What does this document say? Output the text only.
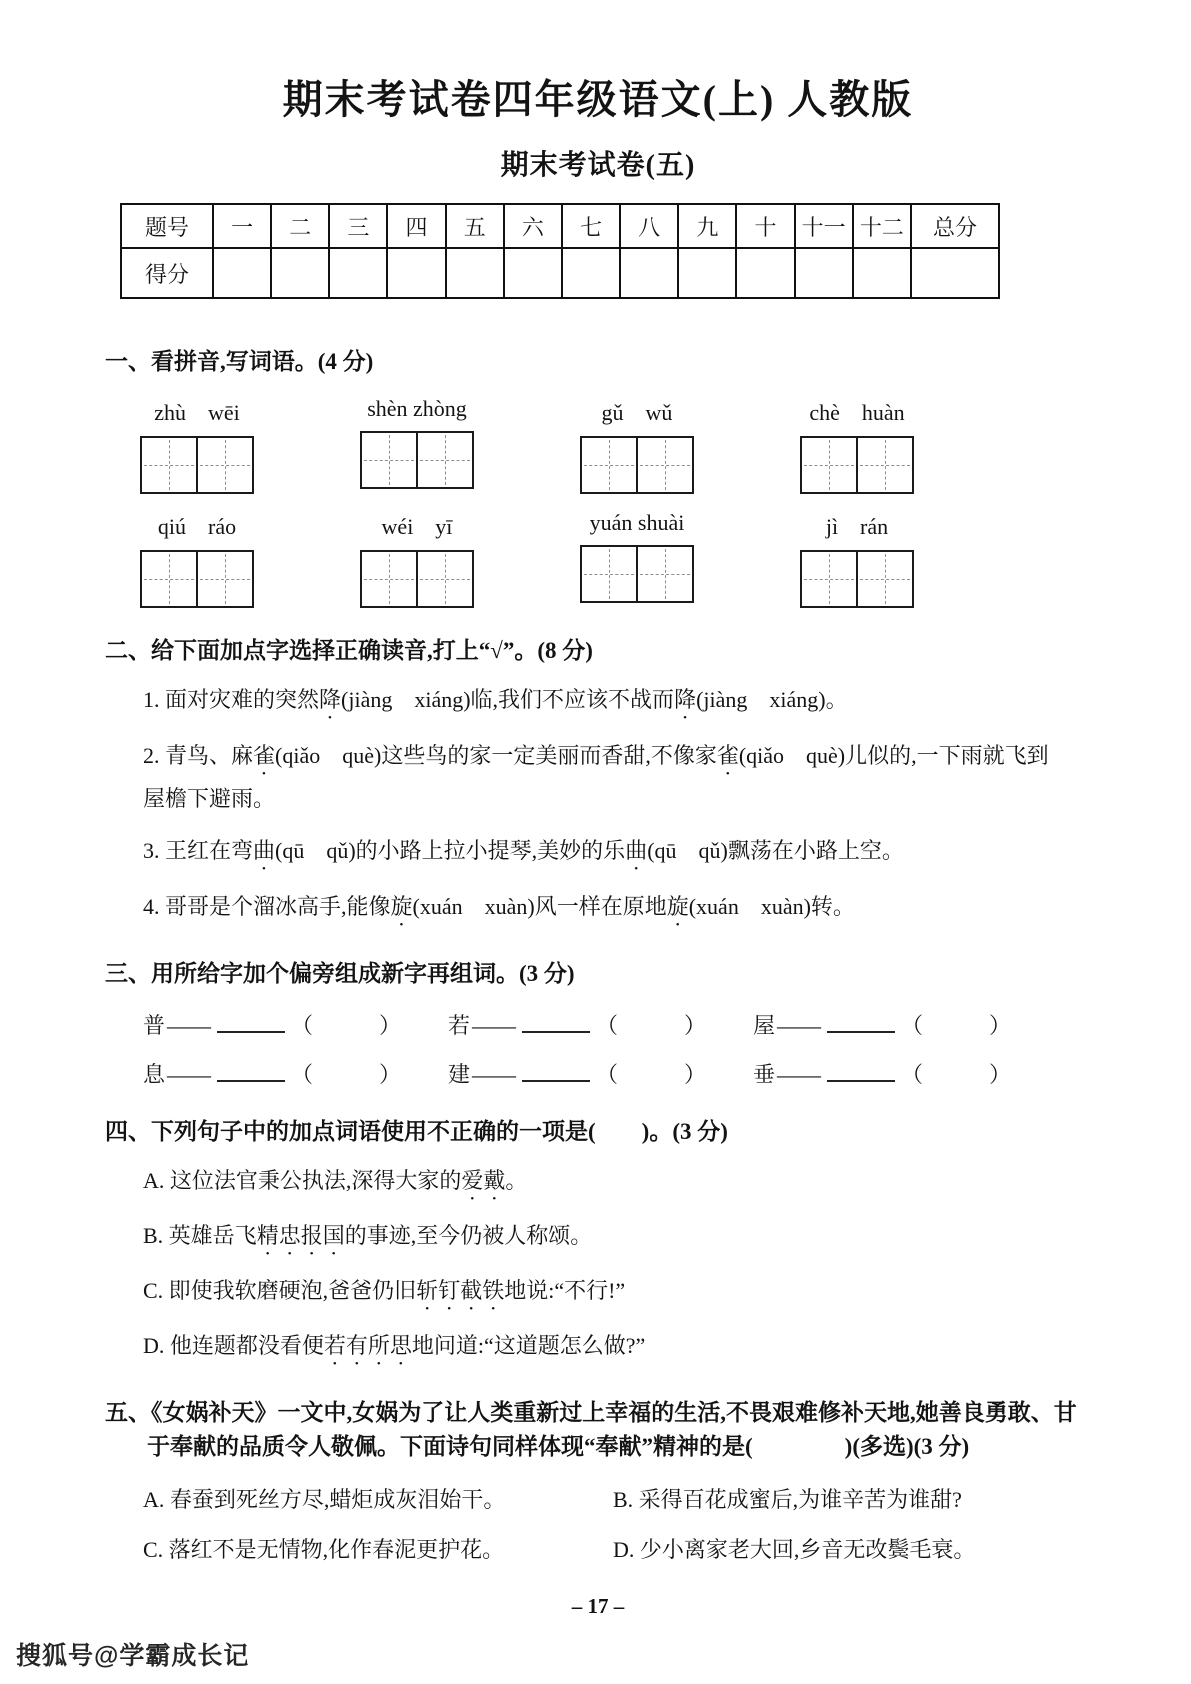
期末考试卷四年级语文(上) 人教版
期末考试卷(五)
题号	一	二	三	四	五	六	七	八	九	十	十一	十二	总分
得分													
一、看拼音,写词语。(4 分)
zhù　wēi	shèn zhòng	gǔ　wǔ	chè　huàn
qiú　ráo	wéi　yī	yuán shuài	jì　rán
二、给下面加点字选择正确读音,打上“√”。(8 分)
1. 面对灾难的突然降(jiàng　xiáng)临,我们不应该不战而降(jiàng　xiáng)。
2. 青鸟、麻雀(qiǎo　què)这些鸟的家一定美丽而香甜,不像家雀(qiǎo　què)儿似的,一下雨就飞到屋檐下避雨。
3. 王红在弯曲(qū　qǔ)的小路上拉小提琴,美妙的乐曲(qū　qǔ)飘荡在小路上空。
4. 哥哥是个溜冰高手,能像旋(xuán　xuàn)风一样在原地旋(xuán　xuàn)转。
三、用所给字加个偏旁组成新字再组词。(3 分)
普——	（　　　）	若——	（　　　）	屋——	（　　　）
息——	（　　　）	建——	（　　　）	垂——	（　　　）
四、下列句子中的加点词语使用不正确的一项是(　　)。(3 分)
A. 这位法官秉公执法,深得大家的爱戴。
B. 英雄岳飞精忠报国的事迹,至今仍被人称颂。
C. 即使我软磨硬泡,爸爸仍旧斩钉截铁地说:“不行!”
D. 他连题都没看便若有所思地问道:“这道题怎么做?”
五、《女娲补天》一文中,女娲为了让人类重新过上幸福的生活,不畏艰难修补天地,她善良勇敢、甘于奉献的品质令人敬佩。下面诗句同样体现“奉献”精神的是(　　　　)(多选)(3 分)
A. 春蚕到死丝方尽,蜡炬成灰泪始干。	B. 采得百花成蜜后,为谁辛苦为谁甜?
C. 落红不是无情物,化作春泥更护花。	D. 少小离家老大回,乡音无改鬓毛衰。
– 17 –
搜狐号@学霸成长记
